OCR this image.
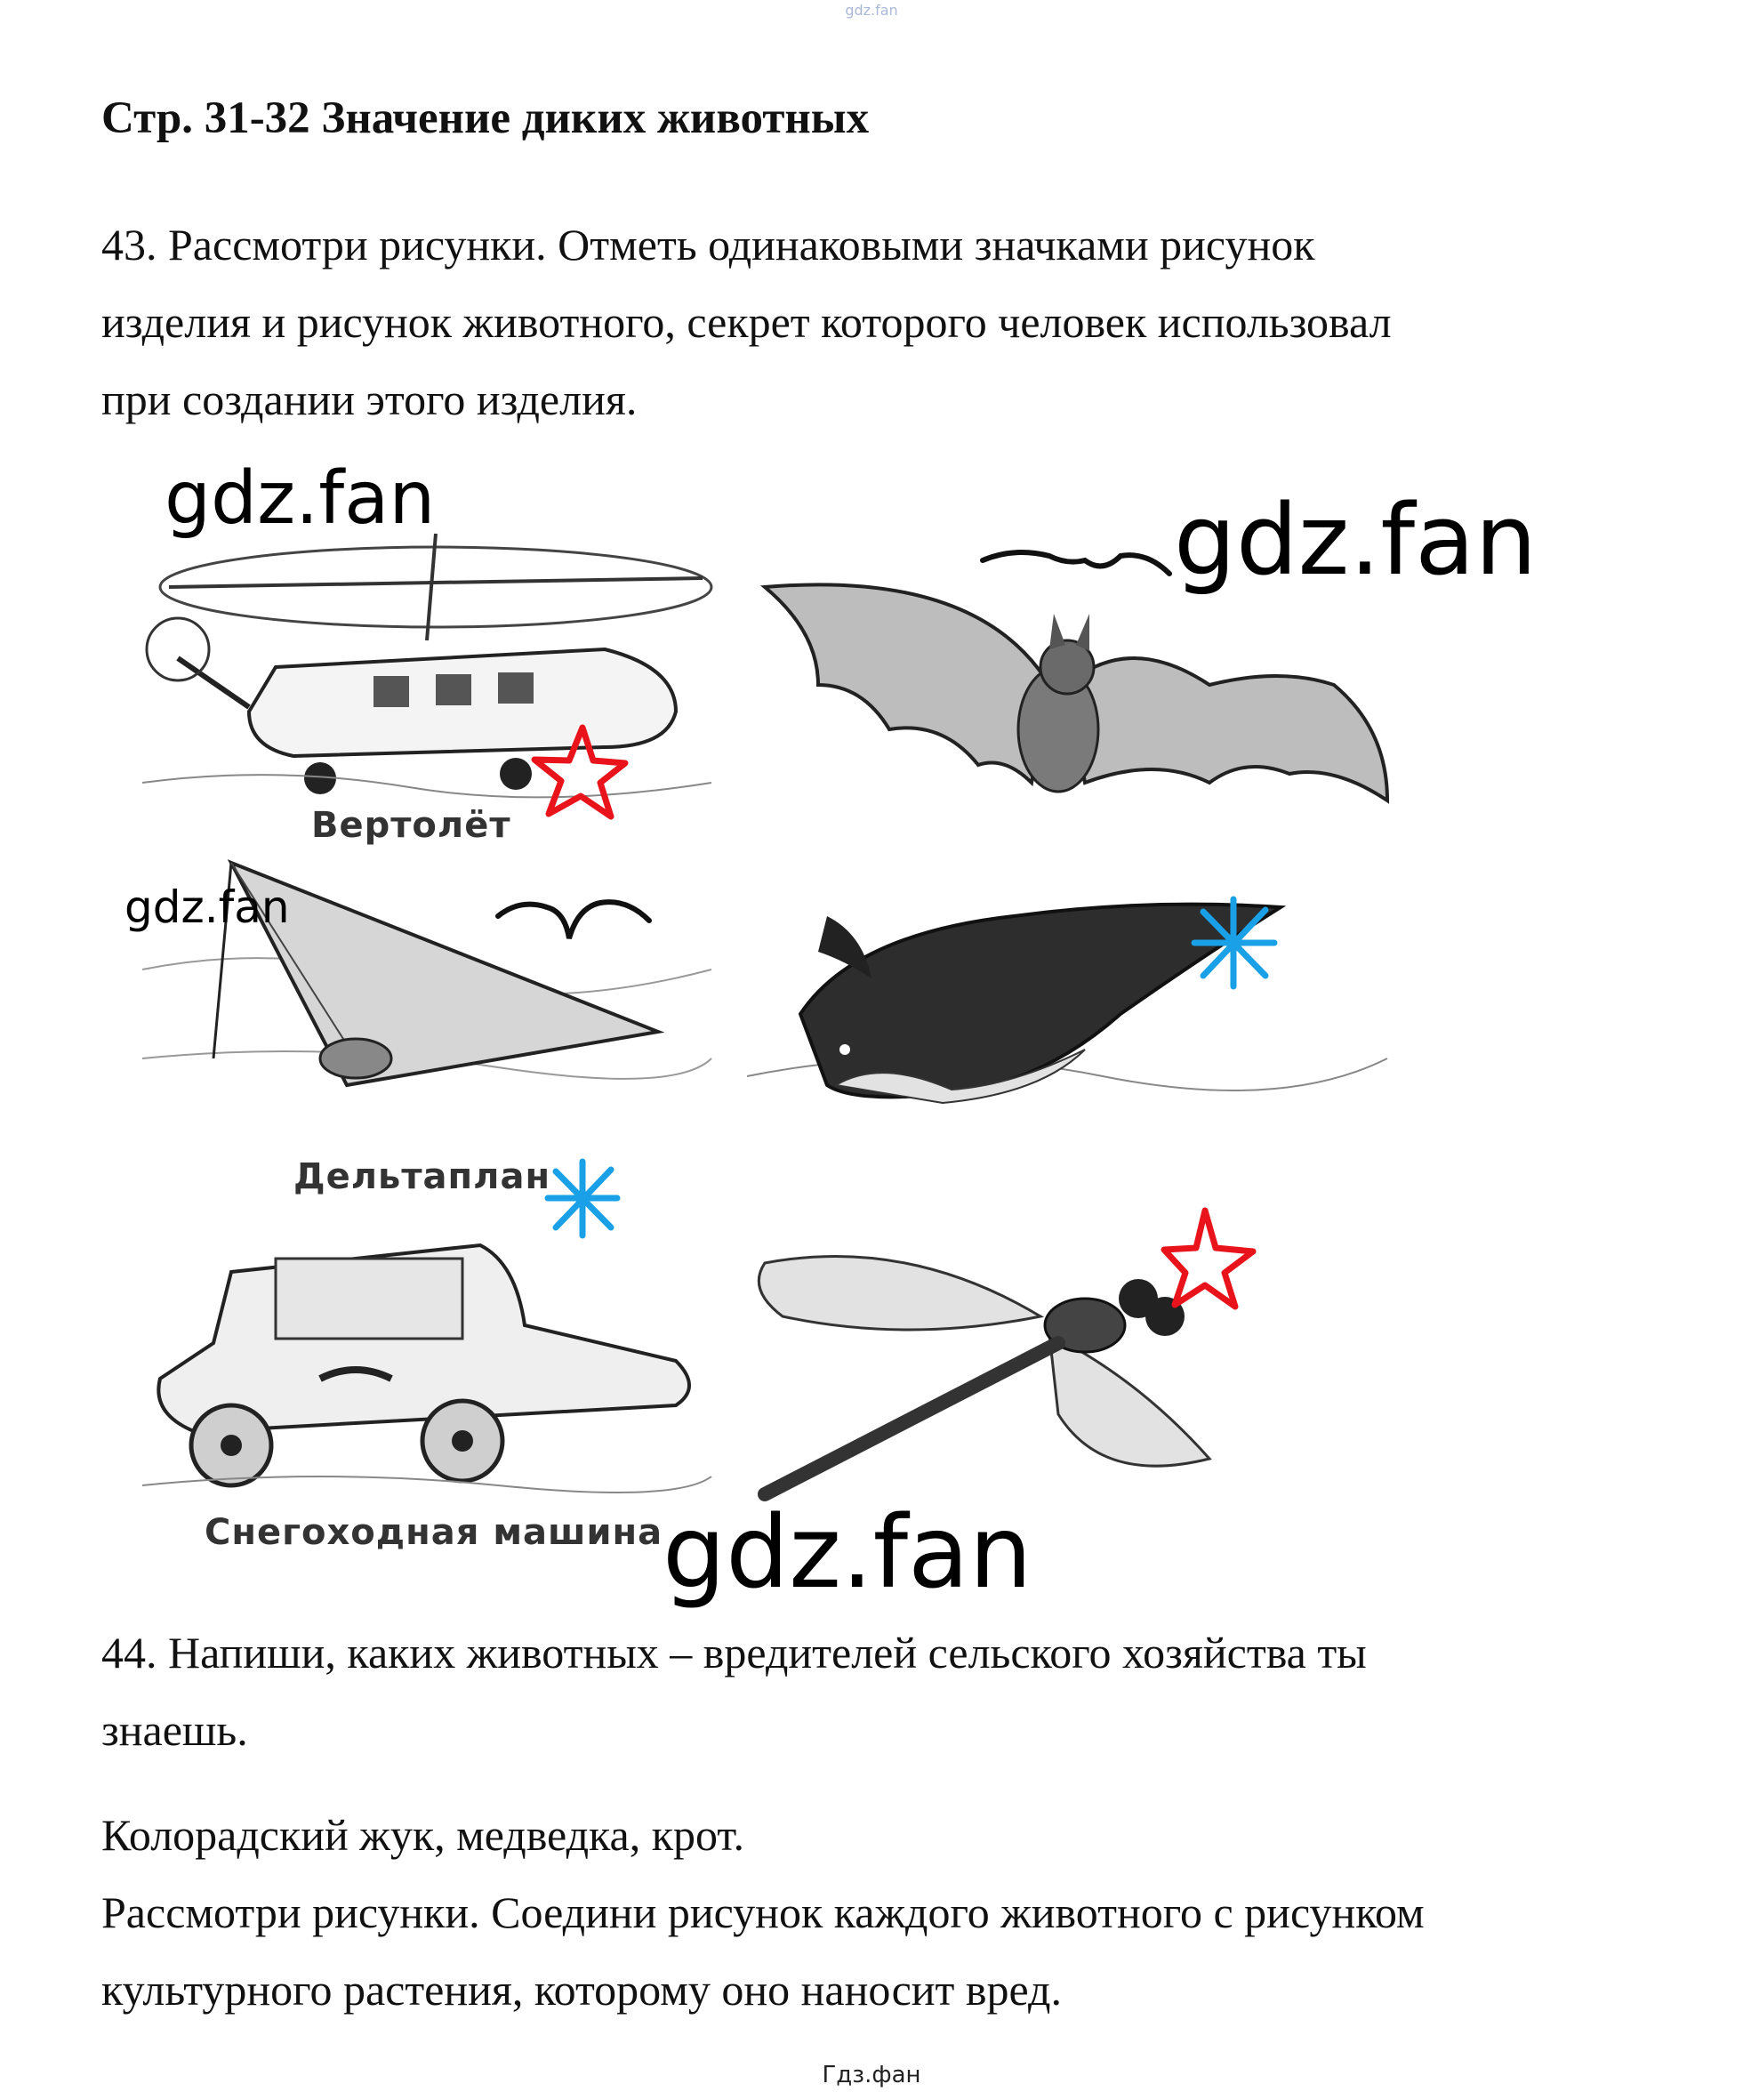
gdz.fan
Стр. 31-32 Значение диких животных
43. Рассмотри рисунки. Отметь одинаковыми значками рисунок
изделия и рисунок животного, секрет которого человек использовал
при создании этого изделия.
Вертолёт
Дельтаплан
Снегоходная машина
gdz.fan	gdz.fan
gdz.fan
gdz.fan
44. Напиши, каких животных – вредителей сельского хозяйства ты
знаешь.
Колорадский жук, медведка, крот.
Рассмотри рисунки. Соедини рисунок каждого животного с рисунком
культурного растения, которому оно наносит вред.
Гдз.фан
